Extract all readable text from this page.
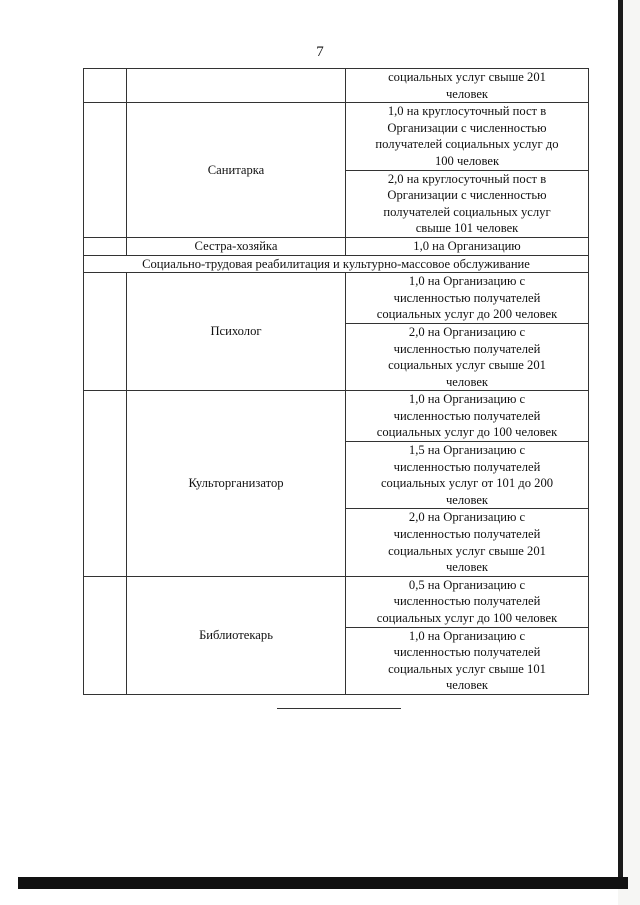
7

		социальных услуг свыше 201
человек

	Санитарка	1,0 на круглосуточный пост в
Организации с численностью
получателей социальных услуг до
100 человек

		2,0 на круглосуточный пост в
Организации с численностью
получателей социальных услуг
свыше 101 человек

	Сестра-хозяйка	1,0 на Организацию

Социально-трудовая реабилитация и культурно-массовое обслуживание		
	Психолог	1,0 на Организацию с
численностью получателей
социальных услуг до 200 человек

		2,0 на Организацию с
численностью получателей
социальных услуг свыше 201
человек

	Культорганизатор	1,0 на Организацию с
численностью получателей
социальных услуг до 100 человек

		1,5 на Организацию с
численностью получателей
социальных услуг от 101 до 200
человек

		2,0 на Организацию с
численностью получателей
социальных услуг свыше 201
человек

	Библиотекарь	0,5 на Организацию с
численностью получателей
социальных услуг до 100 человек

		1,0 на Организацию с
численностью получателей
социальных услуг свыше 101
человек
